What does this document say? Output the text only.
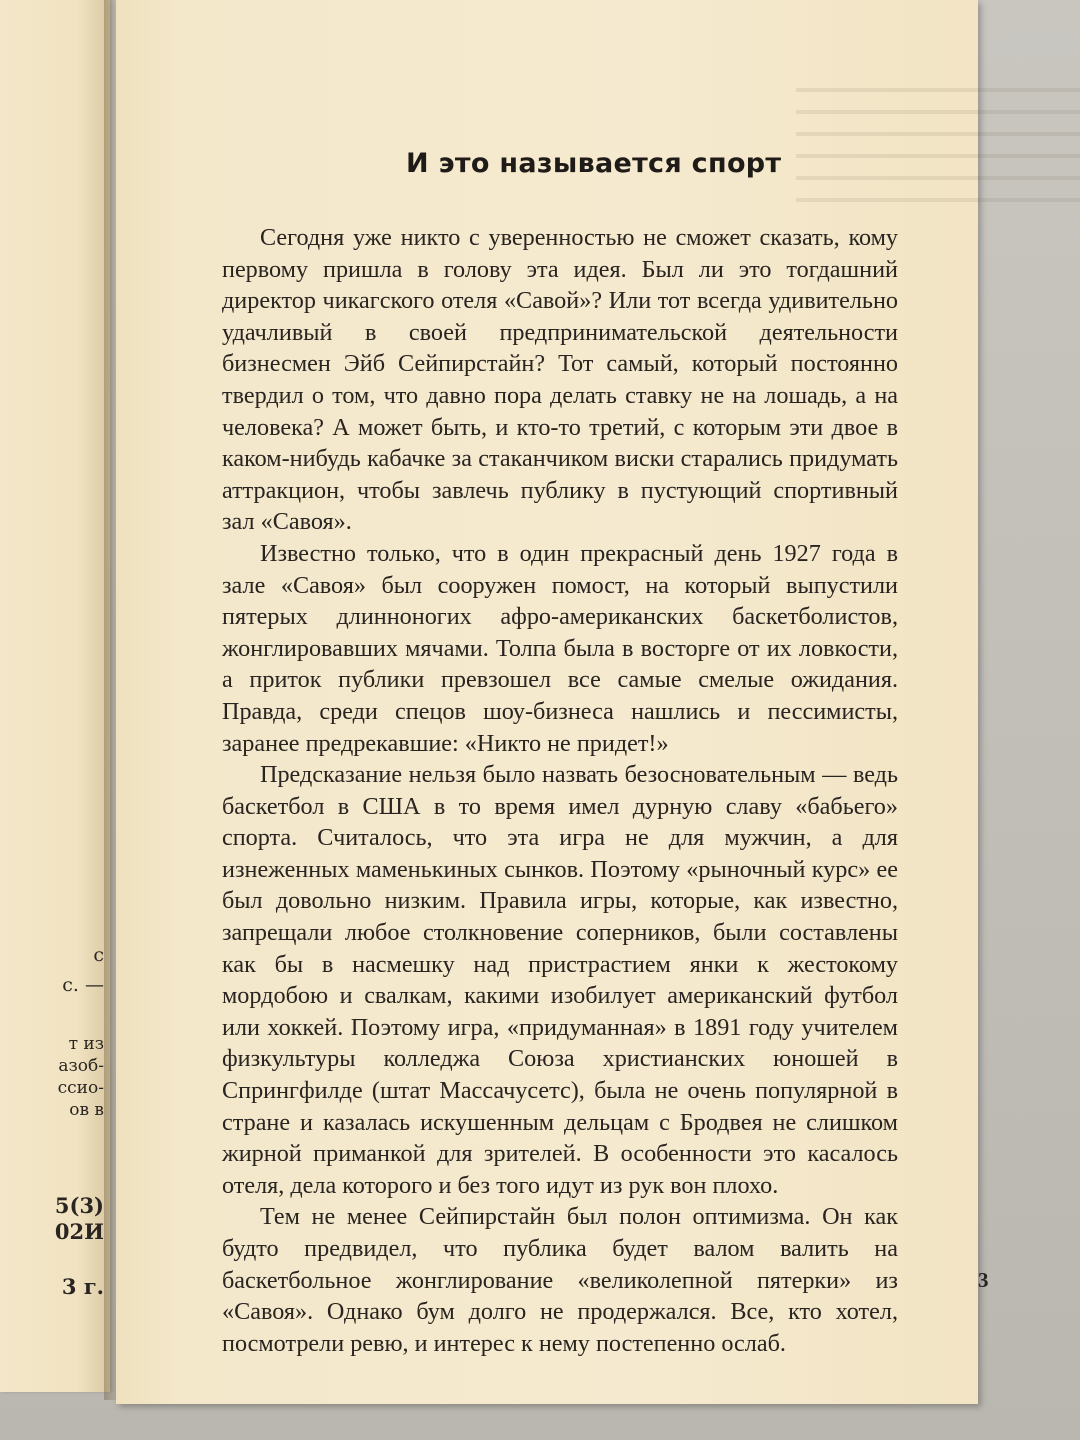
с
с. —
т из
азоб-
ссио-
ов в
5(3)
02И
3 г.
И это называется спорт

Сегодня уже никто с уверенностью не сможет сказать, кому первому пришла в голову эта идея. Был ли это тогдашний директор чикагского отеля «Савой»? Или тот всегда удивительно удачливый в своей предпринимательской деятельности бизнесмен Эйб Сейпирстайн? Тот самый, который постоянно твердил о том, что давно пора делать ставку не на лошадь, а на человека? А может быть, и кто-то третий, с которым эти двое в каком-нибудь кабачке за стаканчиком виски старались придумать аттракцион, чтобы завлечь публику в пустующий спортивный зал «Савоя».

Известно только, что в один прекрасный день 1927 года в зале «Савоя» был сооружен помост, на который выпустили пятерых длинноногих афро-американских баскетболистов, жонглировавших мячами. Толпа была в восторге от их ловкости, а приток публики превзошел все самые смелые ожидания. Правда, среди спецов шоу-бизнеса нашлись и пессимисты, заранее предрекавшие: «Никто не придет!»

Предсказание нельзя было назвать безосновательным — ведь баскетбол в США в то время имел дурную славу «бабьего» спорта. Считалось, что эта игра не для мужчин, а для изнеженных маменькиных сынков. Поэтому «рыночный курс» ее был довольно низким. Правила игры, которые, как известно, запрещали любое столкновение соперников, были составлены как бы в насмешку над пристрастием янки к жестокому мордобою и свалкам, какими изобилует американский футбол или хоккей. Поэтому игра, «придуманная» в 1891 году учителем физкультуры колледжа Союза христианских юношей в Спрингфилде (штат Массачусетс), была не очень популярной в стране и казалась искушенным дельцам с Бродвея не слишком жирной приманкой для зрителей. В особенности это касалось отеля, дела которого и без того идут из рук вон плохо.

Тем не менее Сейпирстайн был полон оптимизма. Он как будто предвидел, что публика будет валом валить на баскетбольное жонглирование «великолепной пятерки» из «Савоя». Однако бум долго не продержался. Все, кто хотел, посмотрели ревю, и интерес к нему постепенно ослаб.

3
